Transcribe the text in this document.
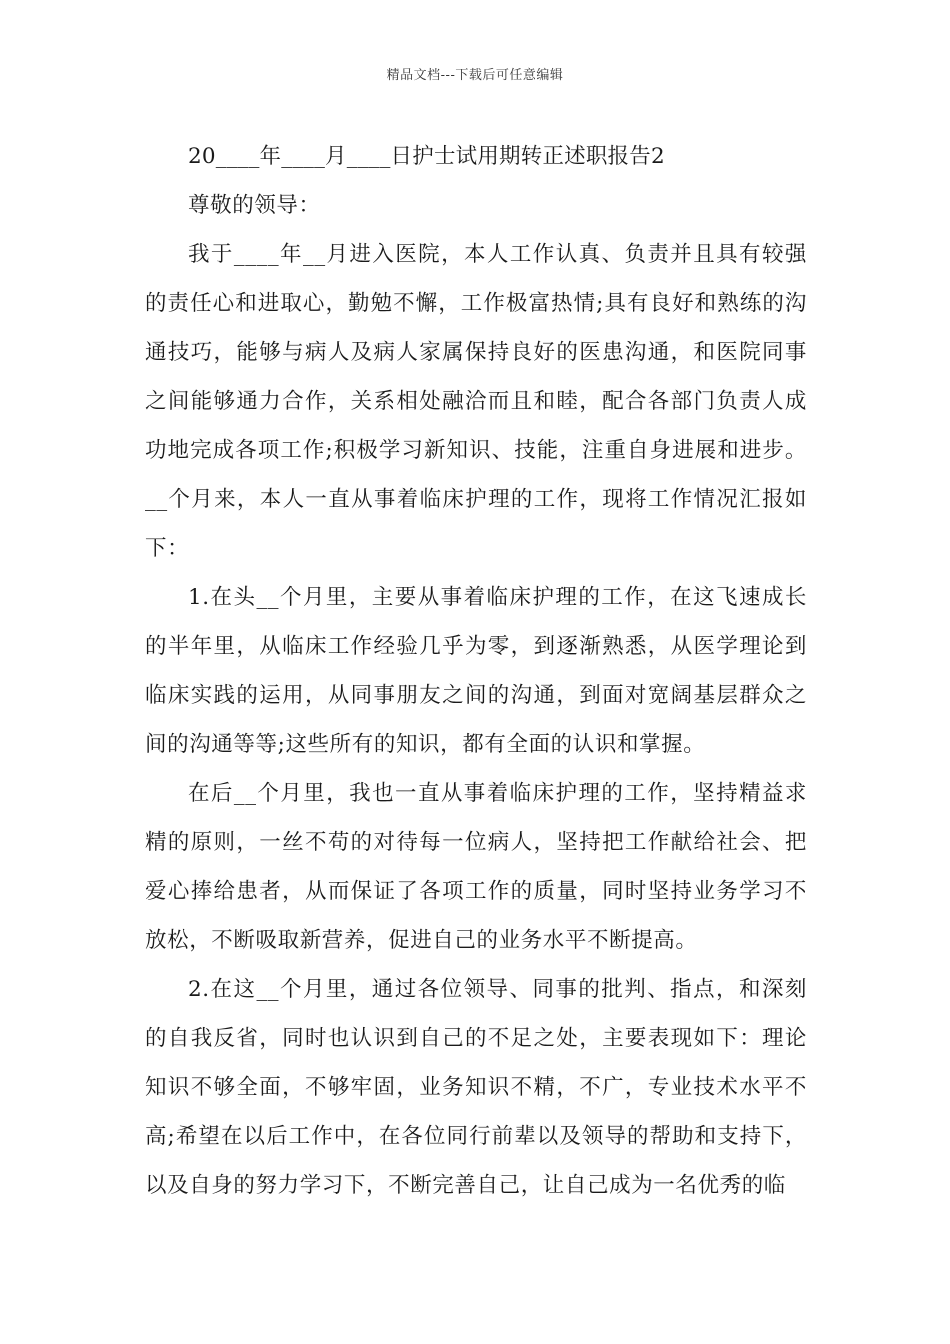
精品文档---下载后可任意编辑

20____年____月____日护士试用期转正述职报告2

尊敬的领导：

我于____年__月进入医院，本人工作认真、负责并且具有较强的责任心和进取心，勤勉不懈，工作极富热情;具有良好和熟练的沟通技巧，能够与病人及病人家属保持良好的医患沟通，和医院同事之间能够通力合作，关系相处融洽而且和睦，配合各部门负责人成功地完成各项工作;积极学习新知识、技能，注重自身进展和进步。__个月来，本人一直从事着临床护理的工作，现将工作情况汇报如下：

1.在头__个月里，主要从事着临床护理的工作，在这飞速成长的半年里，从临床工作经验几乎为零，到逐渐熟悉，从医学理论到临床实践的运用，从同事朋友之间的沟通，到面对宽阔基层群众之间的沟通等等;这些所有的知识，都有全面的认识和掌握。

在后__个月里，我也一直从事着临床护理的工作，坚持精益求精的原则，一丝不苟的对待每一位病人，坚持把工作献给社会、把爱心捧给患者，从而保证了各项工作的质量，同时坚持业务学习不放松，不断吸取新营养，促进自己的业务水平不断提高。

2.在这__个月里，通过各位领导、同事的批判、指点，和深刻的自我反省，同时也认识到自己的不足之处，主要表现如下：理论知识不够全面，不够牢固，业务知识不精，不广，专业技术水平不高;希望在以后工作中，在各位同行前辈以及领导的帮助和支持下，以及自身的努力学习下，不断完善自己，让自己成为一名优秀的临
